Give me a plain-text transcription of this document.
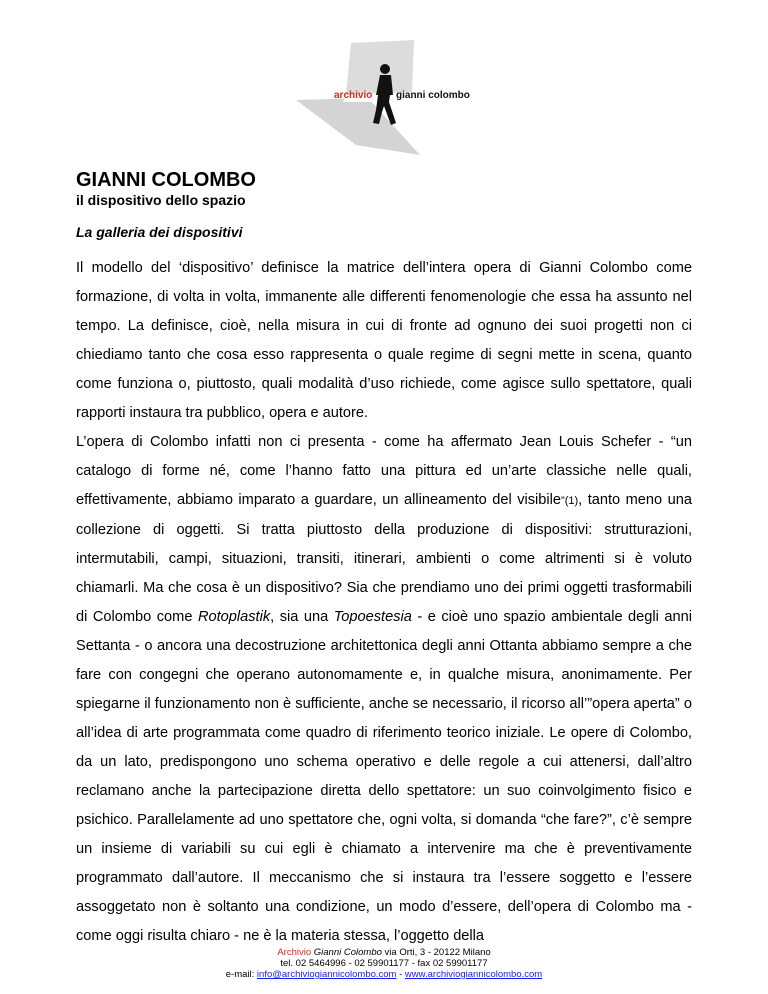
archivio gianni colombo
GIANNI COLOMBO
il dispositivo dello spazio
La galleria dei dispositivi

Il modello del ‘dispositivo’ definisce la matrice dell’intera opera di Gianni Colombo come formazione, di volta in volta, immanente alle differenti fenomenologie che essa ha assunto nel tempo. La definisce, cioè, nella misura in cui di fronte ad ognuno dei suoi progetti non ci chiediamo tanto che cosa esso rappresenta o quale regime di segni mette in scena, quanto come funziona o, piuttosto, quali modalità d’uso richiede, come agisce sullo spettatore, quali rapporti instaura tra pubblico, opera e autore.

L’opera di Colombo infatti non ci presenta - come ha affermato Jean Louis Schefer - “un catalogo di forme né, come l’hanno fatto una pittura ed un’arte classiche nelle quali, effettivamente, abbiamo imparato a guardare, un allineamento del visibile”(1), tanto meno una collezione di oggetti. Si tratta piuttosto della produzione di dispositivi: strutturazioni, intermutabili, campi, situazioni, transiti, itinerari, ambienti o come altrimenti si è voluto chiamarli. Ma che cosa è un dispositivo? Sia che prendiamo uno dei primi oggetti trasformabili di Colombo come Rotoplastik, sia una Topoestesia - e cioè uno spazio ambientale degli anni Settanta - o ancora una decostruzione architettonica degli anni Ottanta abbiamo sempre a che fare con congegni che operano autonomamente e, in qualche misura, anonimamente. Per spiegarne il funzionamento non è sufficiente, anche se necessario, il ricorso all’”opera aperta” o all’idea di arte programmata come quadro di riferimento teorico iniziale. Le opere di Colombo, da un lato, predispongono uno schema operativo e delle regole a cui attenersi, dall’altro reclamano anche la partecipazione diretta dello spettatore: un suo coinvolgimento fisico e psichico. Parallelamente ad uno spettatore che, ogni volta, si domanda “che fare?”, c’è sempre un insieme di variabili su cui egli è chiamato a intervenire ma che è preventivamente programmato dall’autore. Il meccanismo che si instaura tra l’essere soggetto e l’essere assoggetato non è soltanto una condizione, un modo d’essere, dell’opera di Colombo ma - come oggi risulta chiaro - ne è la materia stessa, l’oggetto della

Archivio Gianni Colombo via Orti, 3 - 20122 Milano
tel. 02 5464996 - 02 59901177 - fax 02 59901177
e-mail: info@archiviogiannicolombo.com - www.archiviogiannicolombo.com
